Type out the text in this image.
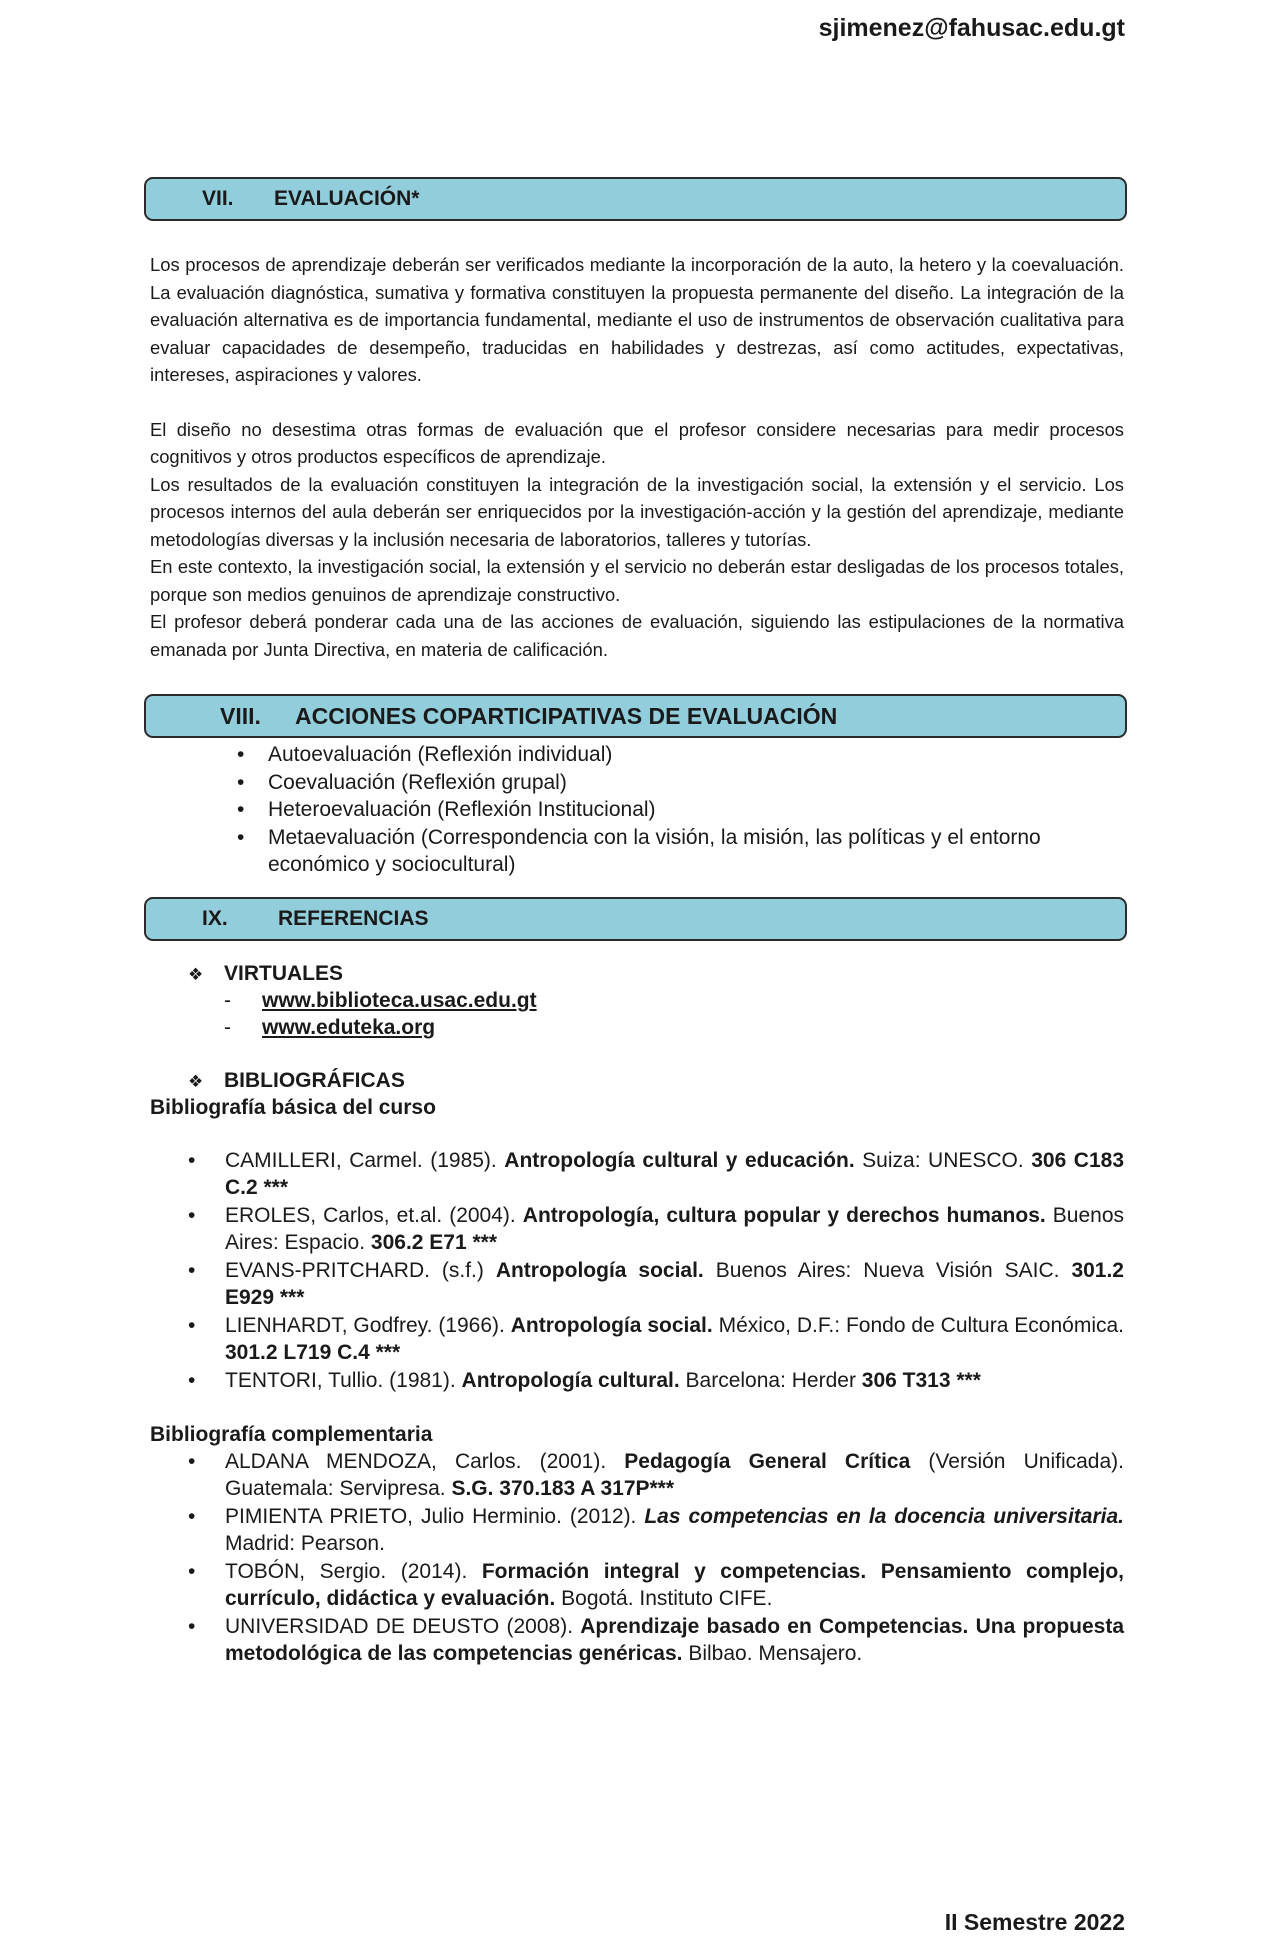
sjimenez@fahusac.edu.gt
VII.	EVALUACIÓN*

Los procesos de aprendizaje deberán ser verificados mediante la incorporación de la auto, la hetero y la coevaluación. La evaluación diagnóstica, sumativa y formativa constituyen la propuesta permanente del diseño. La integración de la evaluación alternativa es de importancia fundamental, mediante el uso de instrumentos de observación cualitativa para evaluar capacidades de desempeño, traducidas en habilidades y destrezas, así como actitudes, expectativas, intereses, aspiraciones y valores.

El diseño no desestima otras formas de evaluación que el profesor considere necesarias para medir procesos cognitivos y otros productos específicos de aprendizaje.

Los resultados de la evaluación constituyen la integración de la investigación social, la extensión y el servicio. Los procesos internos del aula deberán ser enriquecidos por la investigación-acción y la gestión del aprendizaje, mediante metodologías diversas y la inclusión necesaria de laboratorios, talleres y tutorías.

En este contexto, la investigación social, la extensión y el servicio no deberán estar desligadas de los procesos totales, porque son medios genuinos de aprendizaje constructivo.

El profesor deberá ponderar cada una de las acciones de evaluación, siguiendo las estipulaciones de la normativa emanada por Junta Directiva, en materia de calificación.

VIII.	ACCIONES COPARTICIPATIVAS DE EVALUACIÓN
• Autoevaluación (Reflexión individual)
• Coevaluación (Reflexión grupal)
• Heteroevaluación (Reflexión Institucional)
• Metaevaluación (Correspondencia con la visión, la misión, las políticas y el entorno económico y sociocultural)
IX.	REFERENCIAS
❖ VIRTUALES
- www.biblioteca.usac.edu.gt
- www.eduteka.org
❖ BIBLIOGRÁFICAS
Bibliografía básica del curso
• CAMILLERI, Carmel. (1985). Antropología cultural y educación. Suiza: UNESCO. 306 C183 C.2 ***
• EROLES, Carlos, et.al. (2004). Antropología, cultura popular y derechos humanos. Buenos Aires: Espacio. 306.2 E71 ***
• EVANS-PRITCHARD. (s.f.) Antropología social. Buenos Aires: Nueva Visión SAIC. 301.2 E929 ***
• LIENHARDT, Godfrey. (1966). Antropología social. México, D.F.: Fondo de Cultura Económica. 301.2 L719 C.4 ***
• TENTORI, Tullio. (1981). Antropología cultural. Barcelona: Herder 306 T313 ***
Bibliografía complementaria
• ALDANA MENDOZA, Carlos. (2001). Pedagogía General Crítica (Versión Unificada). Guatemala: Servipresa. S.G. 370.183 A 317P***
• PIMIENTA PRIETO, Julio Herminio. (2012). Las competencias en la docencia universitaria. Madrid: Pearson.
• TOBÓN, Sergio. (2014). Formación integral y competencias. Pensamiento complejo, currículo, didáctica y evaluación. Bogotá. Instituto CIFE.
• UNIVERSIDAD DE DEUSTO (2008). Aprendizaje basado en Competencias. Una propuesta metodológica de las competencias genéricas. Bilbao. Mensajero.
II Semestre 2022
